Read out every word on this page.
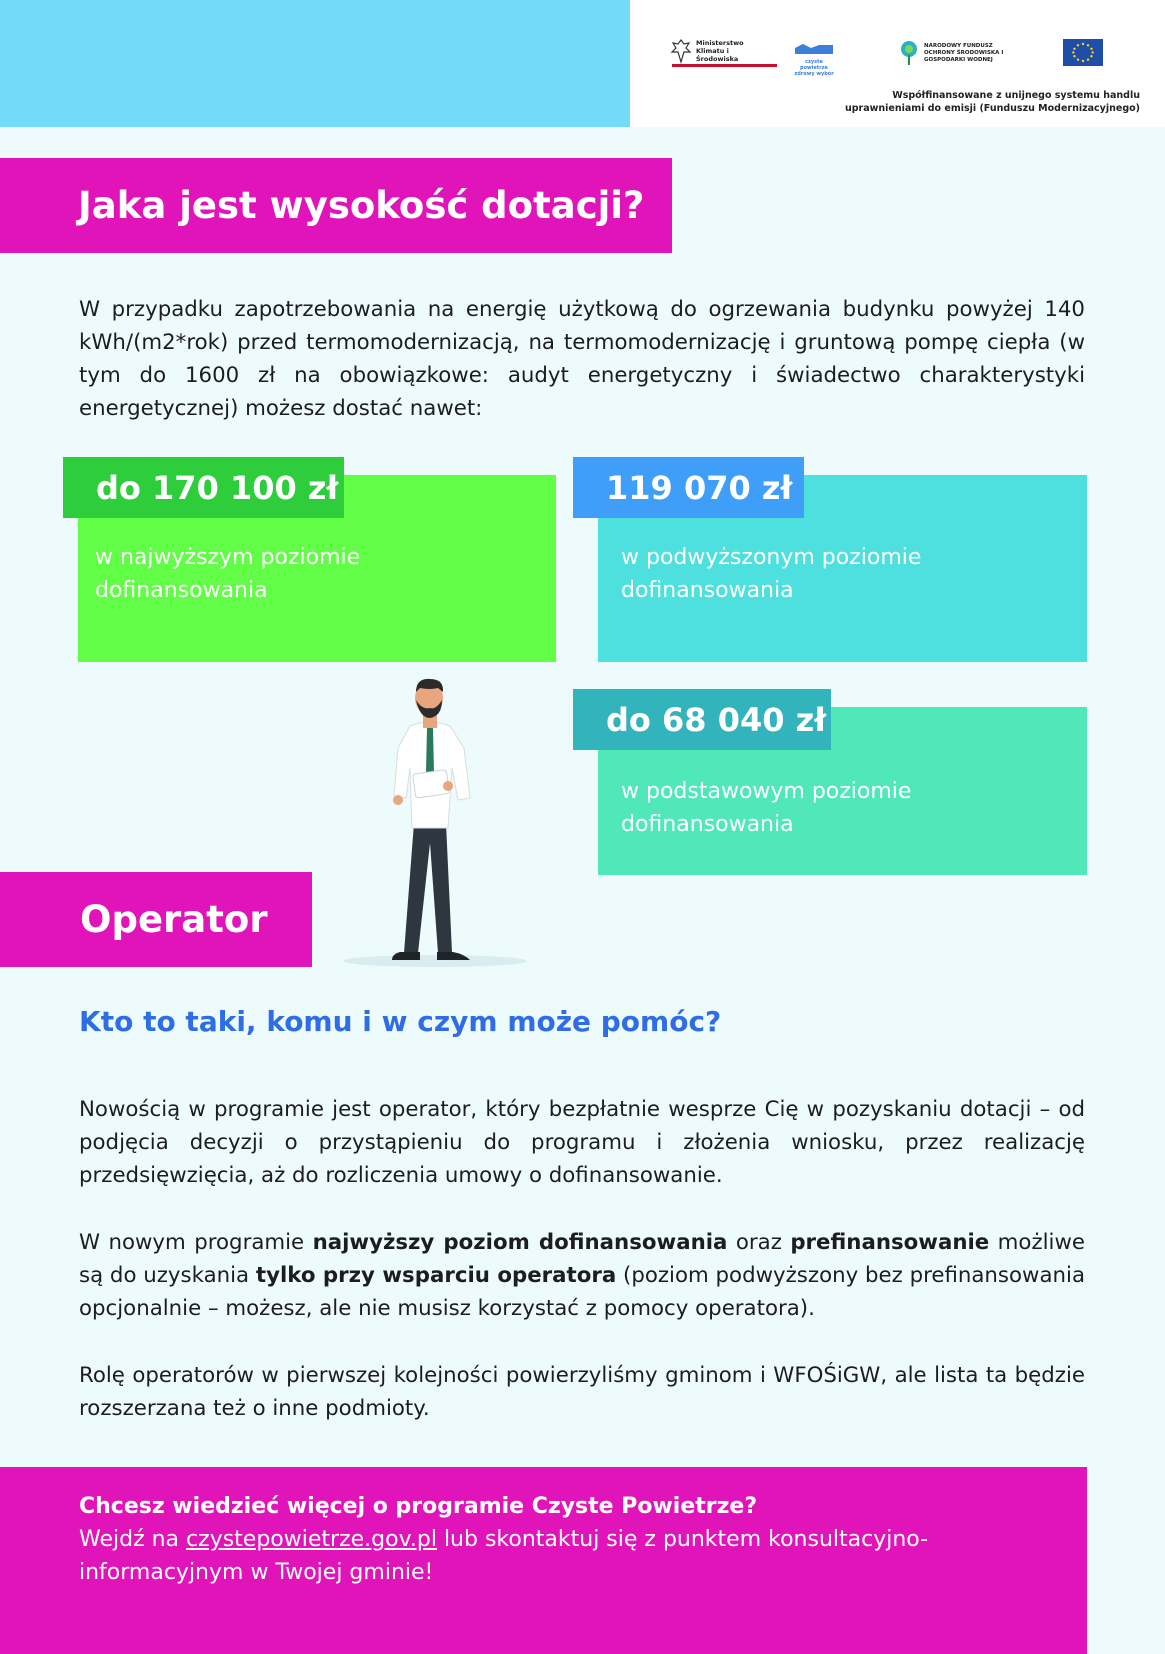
Ministerstwo Klimatu i Środowiska	czyste powietrze zdrowy wybór
NARODOWY FUNDUSZ OCHRONY ŚRODOWISKA I GOSPODARKI WODNEJ
Współfinansowane z unijnego systemu handlu
uprawnieniami do emisji (Funduszu Modernizacyjnego)
Jaka jest wysokość dotacji?
W przypadku zapotrzebowania na energię użytkową do ogrzewania budynku powyżej 140 kWh/(m2*rok) przed termomodernizacją, na termomodernizację i gruntową pompę ciepła (w tym do 1600 zł na obowiązkowe: audyt energetyczny i świadectwo charakterystyki energetycznej) możesz dostać nawet:
w najwyższym poziomie
dofinansowania
do 170 100 zł
w podwyższonym poziomie
dofinansowania
119 070 zł
w podstawowym poziomie
dofinansowania
do 68 040 zł
Operator
Kto to taki, komu i w czym może pomóc?
Nowością w programie jest operator, który bezpłatnie wesprze Cię w pozyskaniu dotacji – od podjęcia decyzji o przystąpieniu do programu i złożenia wniosku, przez realizację przedsięwzięcia, aż do rozliczenia umowy o dofinansowanie.
W nowym programie najwyższy poziom dofinansowania oraz prefinansowanie możliwe są do uzyskania tylko przy wsparciu operatora (poziom podwyższony bez prefinansowania opcjonalnie – możesz, ale nie musisz korzystać z pomocy operatora).
Rolę operatorów w pierwszej kolejności powierzyliśmy gminom i WFOŚiGW, ale lista ta będzie rozszerzana też o inne podmioty.
Chcesz wiedzieć więcej o programie Czyste Powietrze?
Wejdź na czystepowietrze.gov.pl lub skontaktuj się z punktem konsultacyjno-informacyjnym w Twojej gminie!
